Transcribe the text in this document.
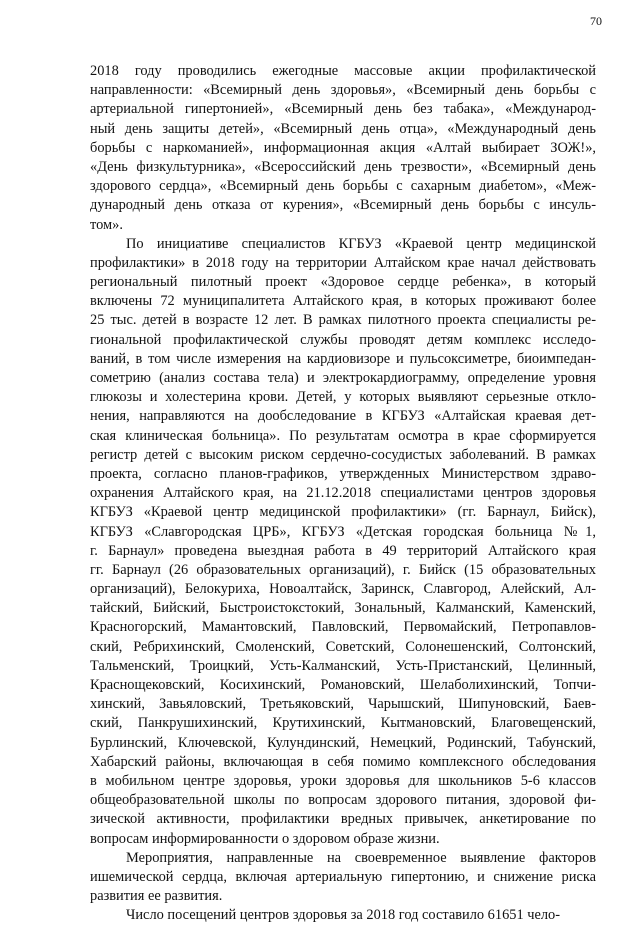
70
2018 году проводились ежегодные массовые акции профилактической
направленности: «Всемирный день здоровья», «Всемирный день борьбы с
артериальной гипертонией», «Всемирный день без табака», «Международ-
ный день защиты детей», «Всемирный день отца», «Международный день
борьбы с наркоманией», информационная акция «Алтай выбирает ЗОЖ!»,
«День физкультурника», «Всероссийский день трезвости», «Всемирный день
здорового сердца», «Всемирный день борьбы с сахарным диабетом», «Меж-
дународный день отказа от курения», «Всемирный день борьбы с инсуль-
том».
По инициативе специалистов КГБУЗ «Краевой центр медицинской
профилактики» в 2018 году на территории Алтайском крае начал действовать
региональный пилотный проект «Здоровое сердце ребенка», в который
включены 72 муниципалитета Алтайского края, в которых проживают более
25 тыс. детей в возрасте 12 лет. В рамках пилотного проекта специалисты ре-
гиональной профилактической службы проводят детям комплекс исследо-
ваний, в том числе измерения на кардиовизоре и пульсоксиметре, биоимпедан-
сометрию (анализ состава тела) и электрокардиограмму, определение уровня
глюкозы и холестерина крови. Детей, у которых выявляют серьезные откло-
нения, направляются на дообследование в КГБУЗ «Алтайская краевая дет-
ская клиническая больница». По результатам осмотра в крае сформируется
регистр детей с высоким риском сердечно-сосудистых заболеваний. В рамках
проекта, согласно планов-графиков, утвержденных Министерством здраво-
охранения Алтайского края, на 21.12.2018 специалистами центров здоровья
КГБУЗ «Краевой центр медицинской профилактики» (гг. Барнаул, Бийск),
КГБУЗ «Славгородская ЦРБ», КГБУЗ «Детская городская больница №1,
г. Барнаул» проведена выездная работа в 49 территорий Алтайского края
гг. Барнаул (26 образовательных организаций), г. Бийск (15 образовательных
организаций), Белокуриха, Новоалтайск, Заринск, Славгород, Алейский, Ал-
тайский, Бийский, Быстроистокстокий, Зональный, Калманский, Каменский,
Красногорский, Мамантовский, Павловский, Первомайский, Петропавлов-
ский, Ребрихинский, Смоленский, Советский, Солонешенский, Солтонский,
Тальменский, Троицкий, Усть-Калманский, Усть-Пристанский, Целинный,
Краснощековский, Косихинский, Романовский, Шелаболихинский, Топчи-
хинский, Завьяловский, Третьяковский, Чарышский, Шипуновский, Баев-
ский, Панкрушихинский, Крутихинский, Кытмановский, Благовещенский,
Бурлинский, Ключевской, Кулундинский, Немецкий, Родинский, Табунский,
Хабарский районы, включающая в себя помимо комплексного обследования
в мобильном центре здоровья, уроки здоровья для школьников 5-6 классов
общеобразовательной школы по вопросам здорового питания, здоровой фи-
зической активности, профилактики вредных привычек, анкетирование по
вопросам информированности о здоровом образе жизни.
Мероприятия, направленные на своевременное выявление факторов
ишемической сердца, включая артериальную гипертонию, и снижение риска
развития ее развития.
Число посещений центров здоровья за 2018 год составило 61651 чело-
